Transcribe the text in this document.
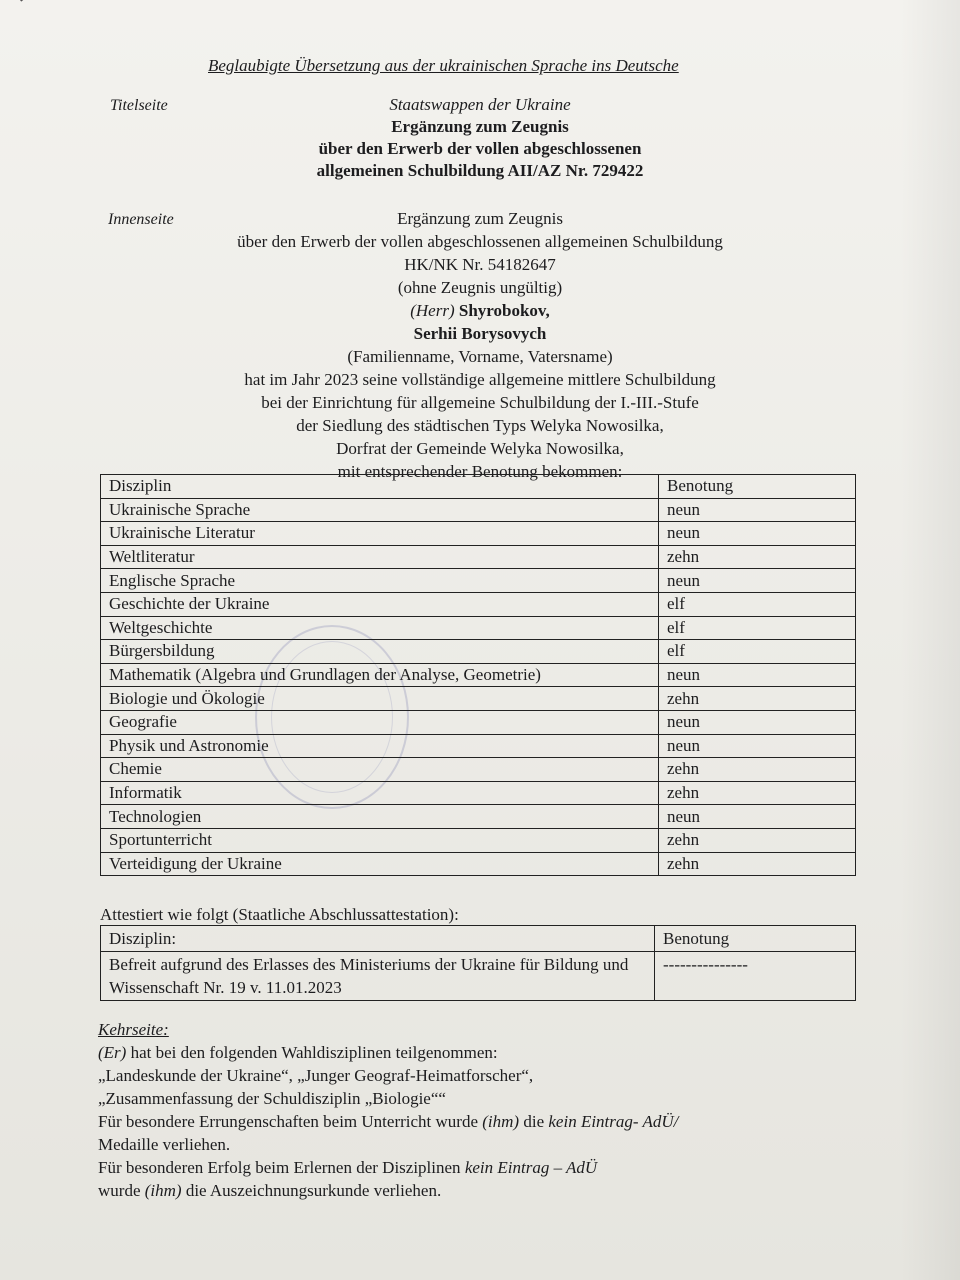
Beglaubigte Übersetzung aus der ukrainischen Sprache ins Deutsche
Titelseite	Staatswappen der Ukraine
Ergänzung zum Zeugnis
über den Erwerb der vollen abgeschlossenen
allgemeinen Schulbildung AII/AZ Nr. 729422
Innenseite	Ergänzung zum Zeugnis
über den Erwerb der vollen abgeschlossenen allgemeinen Schulbildung
HK/NK Nr. 54182647
(ohne Zeugnis ungültig)
(Herr) Shyrobokov,
Serhii Borysovych
(Familienname, Vorname, Vatersname)
hat im Jahr 2023 seine vollständige allgemeine mittlere Schulbildung
bei der Einrichtung für allgemeine Schulbildung der I.-III.-Stufe
der Siedlung des städtischen Typs Welyka Nowosilka,
Dorfrat der Gemeinde Welyka Nowosilka,
mit entsprechender Benotung bekommen:
Disziplin	Benotung
Ukrainische Sprache	neun
Ukrainische Literatur	neun
Weltliteratur	zehn
Englische Sprache	neun
Geschichte der Ukraine	elf
Weltgeschichte	elf
Bürgersbildung	elf
Mathematik (Algebra und Grundlagen der Analyse, Geometrie)	neun
Biologie und Ökologie	zehn
Geografie	neun
Physik und Astronomie	neun
Chemie	zehn
Informatik	zehn
Technologien	neun
Sportunterricht	zehn
Verteidigung der Ukraine	zehn
Attestiert wie folgt (Staatliche Abschlussattestation):
Disziplin:	Benotung
Befreit aufgrund des Erlasses des Ministeriums der Ukraine für Bildung und Wissenschaft Nr. 19 v. 11.01.2023	---------------
Kehrseite:
(Er) hat bei den folgenden Wahldisziplinen teilgenommen:
„Landeskunde der Ukraine“, „Junger Geograf-Heimatforscher“,
„Zusammenfassung der Schuldisziplin „Biologie““
Für besondere Errungenschaften beim Unterricht wurde (ihm) die kein Eintrag- AdÜ/
Medaille verliehen.
Für besonderen Erfolg beim Erlernen der Disziplinen kein Eintrag – AdÜ
wurde (ihm) die Auszeichnungsurkunde verliehen.
